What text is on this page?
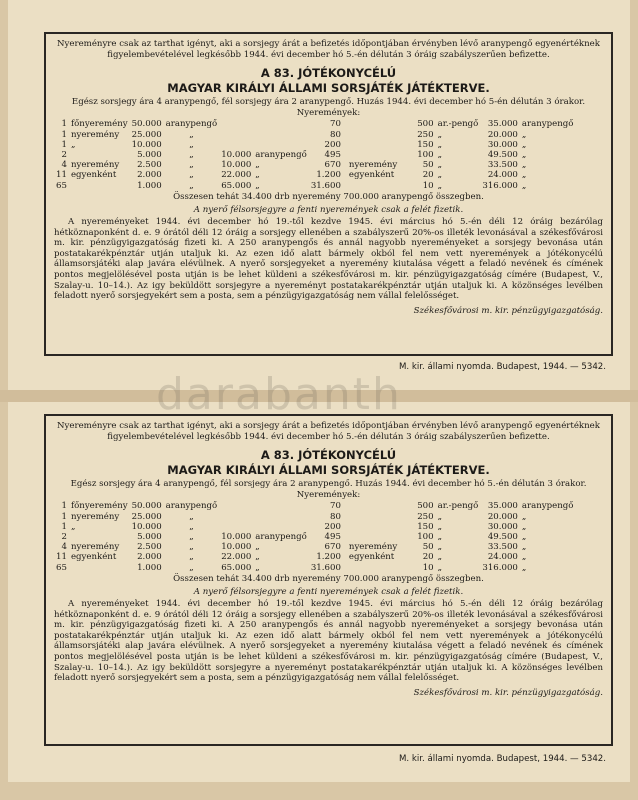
Nyereményre csak az tarthat igényt, aki a sorsjegy árát a befizetés időpontjában érvényben lévő aranypengő egyenértéknek figyelembevételével legkésőbb 1944. évi december hó 5.-én délután 3 óráig szabályszerűen befizette.
A 83. JÓTÉKONYCÉLÚ
MAGYAR KIRÁLYI ÁLLAMI SORSJÁTÉK JÁTÉKTERVE.
Egész sorsjegy ára 4 aranypengő, fél sorsjegy ára 2 aranypengő. Huzás 1944. évi december hó 5-én délután 3 órakor.
Nyeremények:
1	főnyeremény	50.000	aranypengő			70		500	ar.-pengő	35.000	aranypengő
1	nyeremény	25.000	„			80		250	„	20.000	„
1	„	10.000	„			200		150	„	30.000	„
2		5.000	„	10.000	aranypengő	495		100	„	49.500	„
4	nyeremény	2.500	„	10.000	„	670	nyeremény	50	„	33.500	„
11	egyenként	2.000	„	22.000	„	1.200	egyenként	20	„	24.000	„
65		1.000	„	65.000	„	31.600		10	„	316.000	„
Összesen tehát 34.400 drb nyeremény 700.000 aranypengő összegben.
A nyerő félsorsjegyre a fenti nyeremények csak a felét fizetik.
A nyereményeket 1944. évi december hó 19.-től kezdve 1945. évi március hó 5.-én déli 12 óráig bezárólag hétköznaponként d. e. 9 órától déli 12 óráig a sorsjegy ellenében a szabályszerű 20%-os illeték levonásával a székesfővárosi m. kir. pénzügyigazgatóság fizeti ki. A 250 aranypengős és annál nagyobb nyereményeket a sorsjegy bevonása után postatakarékpénztár utján utaljuk ki. Az ezen idő alatt bármely okból fel nem vett nyeremények a jótékonycélú államsorsjátéki alap javára elévülnek. A nyerő sorsjegyeket a nyeremény kiutalása végett a feladó nevének és címének pontos megjelölésével posta utján is be lehet küldeni a székesfővárosi m. kir. pénzügyigazgatóság címére (Budapest, V., Szalay-u. 10–14.). Az igy beküldött sorsjegyre a nyereményt postatakarékpénztár utján utaljuk ki. A közönséges levélben feladott nyerő sorsjegyekért sem a posta, sem a pénzügyigazgatóság nem vállal felelősséget.
Székesfővárosi m. kir. pénzügyigazgatóság.
M. kir. állami nyomda. Budapest, 1944. — 5342.
Nyereményre csak az tarthat igényt, aki a sorsjegy árát a befizetés időpontjában érvényben lévő aranypengő egyenértéknek figyelembevételével legkésőbb 1944. évi december hó 5.-én délután 3 óráig szabályszerűen befizette.
A 83. JÓTÉKONYCÉLÚ
MAGYAR KIRÁLYI ÁLLAMI SORSJÁTÉK JÁTÉKTERVE.
Egész sorsjegy ára 4 aranypengő, fél sorsjegy ára 2 aranypengő. Huzás 1944. évi december hó 5.-én délután 3 órakor.
Nyeremények:
1	főnyeremény	50.000	aranypengő			70		500	ar.-pengő	35.000	aranypengő
1	nyeremény	25.000	„			80		250	„	20.000	„
1	„	10.000	„			200		150	„	30.000	„
2		5.000	„	10.000	aranypengő	495		100	„	49.500	„
4	nyeremény	2.500	„	10.000	„	670	nyeremény	50	„	33.500	„
11	egyenként	2.000	„	22.000	„	1.200	egyenként	20	„	24.000	„
65		1.000	„	65.000	„	31.600		10	„	316.000	„
Összesen tehát 34.400 drb nyeremény 700.000 aranypengő összegben.
A nyerő félsorsjegyre a fenti nyeremények csak a felét fizetik.
A nyereményeket 1944. évi december hó 19.-től kezdve 1945. évi március hó 5.-én déli 12 óráig bezárólag hétköznaponként d. e. 9 órától déli 12 óráig a sorsjegy ellenében a szabályszerű 20%-os illeték levonásával a székesfővárosi m. kir. pénzügyigazgatóság fizeti ki. A 250 aranypengős és annál nagyobb nyereményeket a sorsjegy bevonása után postatakarékpénztár utján utaljuk ki. Az ezen idő alatt bármely okból fel nem vett nyeremények a jótékonycélú államsorsjátéki alap javára elévülnek. A nyerő sorsjegyeket a nyeremény kiutalása végett a feladó nevének és címének pontos megjelölésével posta utján is be lehet küldeni a székesfővárosi m. kir. pénzügyigazgatóság címére (Budapest, V., Szalay-u. 10–14.). Az igy beküldött sorsjegyre a nyereményt postatakarékpénztár utján utaljuk ki. A közönséges levélben feladott nyerő sorsjegyekért sem a posta, sem a pénzügyigazgatóság nem vállal felelősséget.
Székesfővárosi m. kir. pénzügyigazgatóság.
M. kir. állami nyomda. Budapest, 1944. — 5342.
darabanth
